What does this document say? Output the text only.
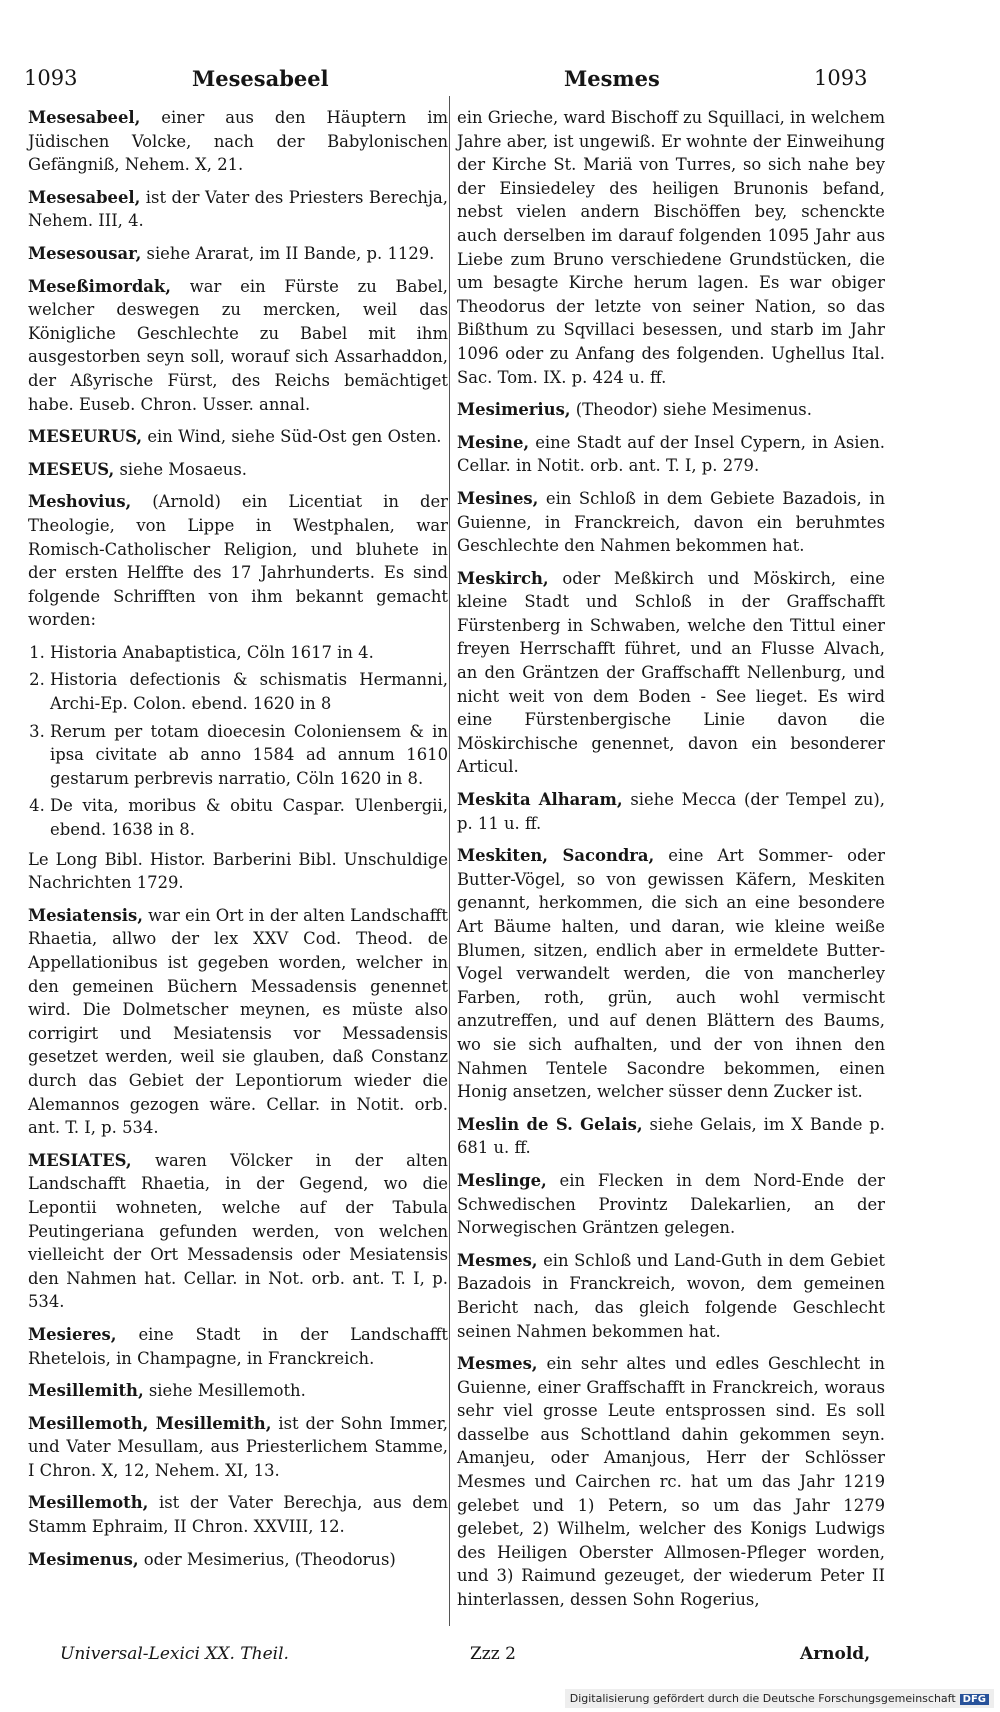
1093	Mesesabeel	Mesmes	1093

Mesesabeel, einer aus den Häuptern im Jüdischen Volcke, nach der Babylonischen Gefängniß, Nehem. X, 21.

Mesesabeel, ist der Vater des Priesters Berechja, Nehem. III, 4.

Mesesousar, siehe Ararat, im II Bande, p. 1129.

Meseßimordak, war ein Fürste zu Babel, welcher deswegen zu mercken, weil das Königliche Geschlechte zu Babel mit ihm ausgestorben seyn soll, worauf sich Assarhaddon, der Aßyrische Fürst, des Reichs bemächtiget habe. Euseb. Chron. Usser. annal.

MESEURUS, ein Wind, siehe Süd-Ost gen Osten.

MESEUS, siehe Mosaeus.

Meshovius, (Arnold) ein Licentiat in der Theologie, von Lippe in Westphalen, war Romisch-Catholischer Religion, und bluhete in der ersten Helffte des 17 Jahrhunderts. Es sind folgende Schrifften von ihm bekannt gemacht worden:

1. Historia Anabaptistica, Cöln 1617 in 4.
2. Historia defectionis & schismatis Hermanni, Archi-Ep. Colon. ebend. 1620 in 8
3. Rerum per totam dioecesin Coloniensem & in ipsa civitate ab anno 1584 ad annum 1610 gestarum perbrevis narratio, Cöln 1620 in 8.
4. De vita, moribus & obitu Caspar. Ulenbergii, ebend. 1638 in 8.
Le Long Bibl. Histor. Barberini Bibl. Unschuldige Nachrichten 1729.

Mesiatensis, war ein Ort in der alten Landschafft Rhaetia, allwo der lex XXV Cod. Theod. de Appellationibus ist gegeben worden, welcher in den gemeinen Büchern Messadensis genennet wird. Die Dolmetscher meynen, es müste also corrigirt und Mesiatensis vor Messadensis gesetzet werden, weil sie glauben, daß Constanz durch das Gebiet der Lepontiorum wieder die Alemannos gezogen wäre. Cellar. in Notit. orb. ant. T. I, p. 534.

MESIATES, waren Völcker in der alten Landschafft Rhaetia, in der Gegend, wo die Lepontii wohneten, welche auf der Tabula Peutingeriana gefunden werden, von welchen vielleicht der Ort Messadensis oder Mesiatensis den Nahmen hat. Cellar. in Not. orb. ant. T. I, p. 534.

Mesieres, eine Stadt in der Landschafft Rhetelois, in Champagne, in Franckreich.

Mesillemith, siehe Mesillemoth.

Mesillemoth, Mesillemith, ist der Sohn Immer, und Vater Mesullam, aus Priesterlichem Stamme, I Chron. X, 12, Nehem. XI, 13.

Mesillemoth, ist der Vater Berechja, aus dem Stamm Ephraim, II Chron. XXVIII, 12.

Mesimenus, oder Mesimerius, (Theodorus)

ein Grieche, ward Bischoff zu Squillaci, in welchem Jahre aber, ist ungewiß. Er wohnte der Einweihung der Kirche St. Mariä von Turres, so sich nahe bey der Einsiedeley des heiligen Brunonis befand, nebst vielen andern Bischöffen bey, schenckte auch derselben im darauf folgenden 1095 Jahr aus Liebe zum Bruno verschiedene Grundstücken, die um besagte Kirche herum lagen. Es war obiger Theodorus der letzte von seiner Nation, so das Bißthum zu Sqvillaci besessen, und starb im Jahr 1096 oder zu Anfang des folgenden. Ughellus Ital. Sac. Tom. IX. p. 424 u. ff.

Mesimerius, (Theodor) siehe Mesimenus.

Mesine, eine Stadt auf der Insel Cypern, in Asien. Cellar. in Notit. orb. ant. T. I, p. 279.

Mesines, ein Schloß in dem Gebiete Bazadois, in Guienne, in Franckreich, davon ein beruhmtes Geschlechte den Nahmen bekommen hat.

Meskirch, oder Meßkirch und Möskirch, eine kleine Stadt und Schloß in der Graffschafft Fürstenberg in Schwaben, welche den Tittul einer freyen Herrschafft führet, und an Flusse Alvach, an den Gräntzen der Graffschafft Nellenburg, und nicht weit von dem Boden - See lieget. Es wird eine Fürstenbergische Linie davon die Möskirchische genennet, davon ein besonderer Articul.

Meskita Alharam, siehe Mecca (der Tempel zu), p. 11 u. ff.

Meskiten, Sacondra, eine Art Sommer- oder Butter-Vögel, so von gewissen Käfern, Meskiten genannt, herkommen, die sich an eine besondere Art Bäume halten, und daran, wie kleine weiße Blumen, sitzen, endlich aber in ermeldete Butter-Vogel verwandelt werden, die von mancherley Farben, roth, grün, auch wohl vermischt anzutreffen, und auf denen Blättern des Baums, wo sie sich aufhalten, und der von ihnen den Nahmen Tentele Sacondre bekommen, einen Honig ansetzen, welcher süsser denn Zucker ist.

Meslin de S. Gelais, siehe Gelais, im X Bande p. 681 u. ff.

Meslinge, ein Flecken in dem Nord-Ende der Schwedischen Provintz Dalekarlien, an der Norwegischen Gräntzen gelegen.

Mesmes, ein Schloß und Land-Guth in dem Gebiet Bazadois in Franckreich, wovon, dem gemeinen Bericht nach, das gleich folgende Geschlecht seinen Nahmen bekommen hat.

Mesmes, ein sehr altes und edles Geschlecht in Guienne, einer Graffschafft in Franckreich, woraus sehr viel grosse Leute entsprossen sind. Es soll dasselbe aus Schottland dahin gekommen seyn. Amanjeu, oder Amanjous, Herr der Schlösser Mesmes und Cairchen rc. hat um das Jahr 1219 gelebet und 1) Petern, so um das Jahr 1279 gelebet, 2) Wilhelm, welcher des Konigs Ludwigs des Heiligen Oberster Allmosen-Pfleger worden, und 3) Raimund gezeuget, der wiederum Peter II hinterlassen, dessen Sohn Rogerius,

Universal-Lexici XX. Theil.	Zzz 2	Arnold,
Digitalisierung gefördert durch die Deutsche Forschungsgemeinschaft DFG
